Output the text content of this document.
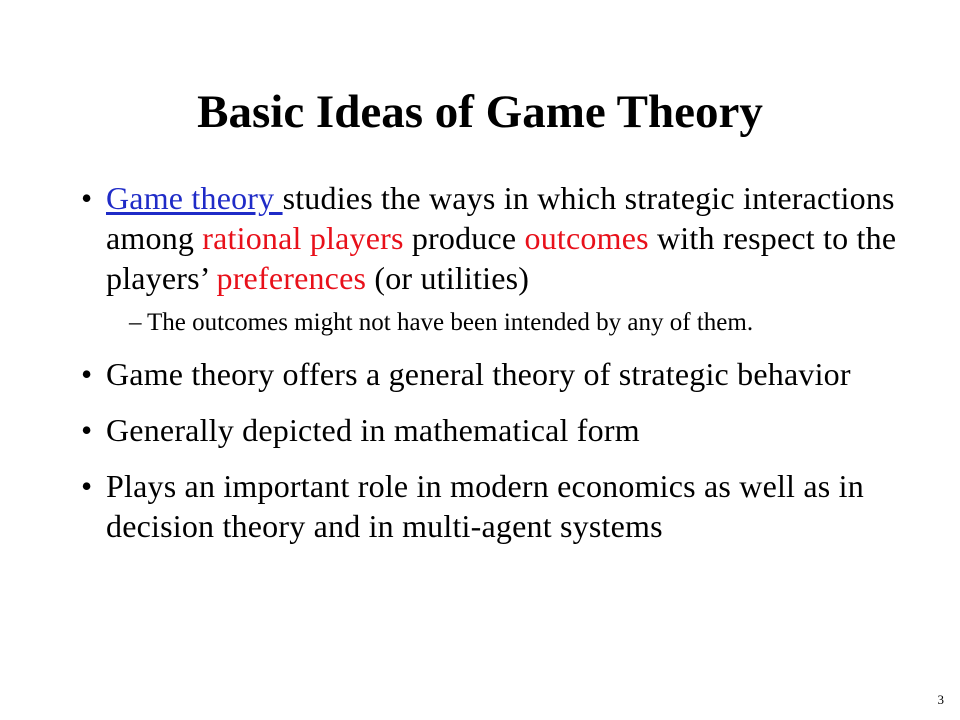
Basic Ideas of Game Theory
• Game theory studies the ways in which strategic interactions among rational players produce outcomes with respect to the players’ preferences (or utilities)
– The outcomes might not have been intended by any of them.
• Game theory offers a general theory of strategic behavior
• Generally depicted in mathematical form
• Plays an important role in modern economics as well as in decision theory and in multi-agent systems
3
